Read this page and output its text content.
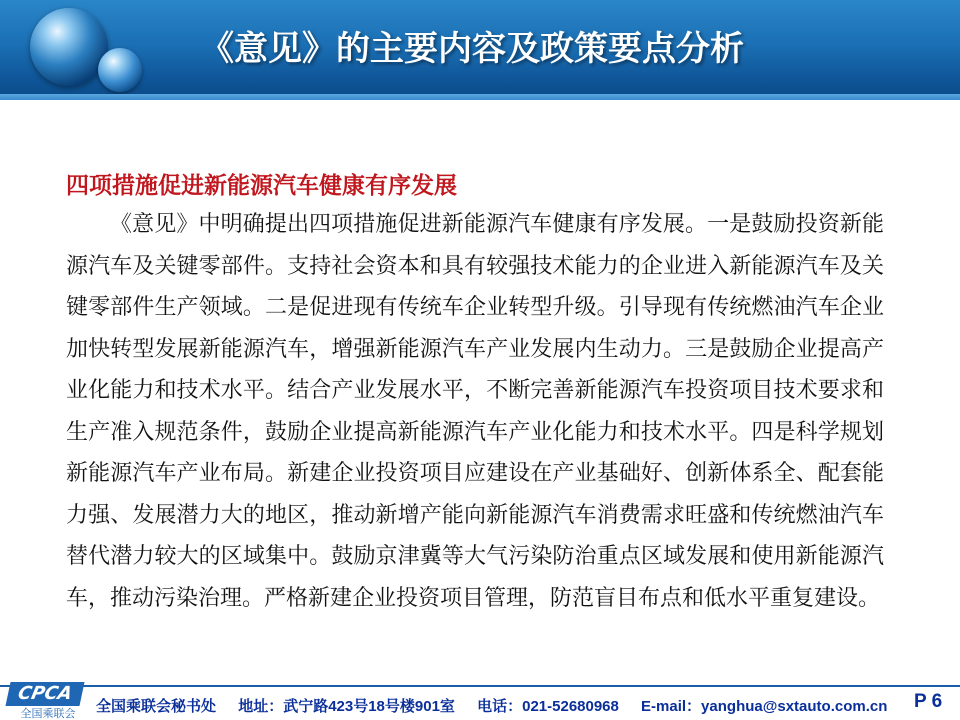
《意见》的主要内容及政策要点分析
四项措施促进新能源汽车健康有序发展

《意见》中明确提出四项措施促进新能源汽车健康有序发展。一是鼓励投资新能源汽车及关键零部件。支持社会资本和具有较强技术能力的企业进入新能源汽车及关键零部件生产领域。二是促进现有传统车企业转型升级。引导现有传统燃油汽车企业加快转型发展新能源汽车，增强新能源汽车产业发展内生动力。三是鼓励企业提高产业化能力和技术水平。结合产业发展水平，不断完善新能源汽车投资项目技术要求和生产准入规范条件，鼓励企业提高新能源汽车产业化能力和技术水平。四是科学规划新能源汽车产业布局。新建企业投资项目应建设在产业基础好、创新体系全、配套能力强、发展潜力大的地区，推动新增产能向新能源汽车消费需求旺盛和传统燃油汽车替代潜力较大的区域集中。鼓励京津冀等大气污染防治重点区域发展和使用新能源汽车，推动污染治理。严格新建企业投资项目管理，防范盲目布点和低水平重复建设。

CPCA
全国乘联会	全国乘联会秘书处 地址：武宁路423号18号楼901室 电话：021-52680968 E-mail：yanghua@sxtauto.com.cn P 6
